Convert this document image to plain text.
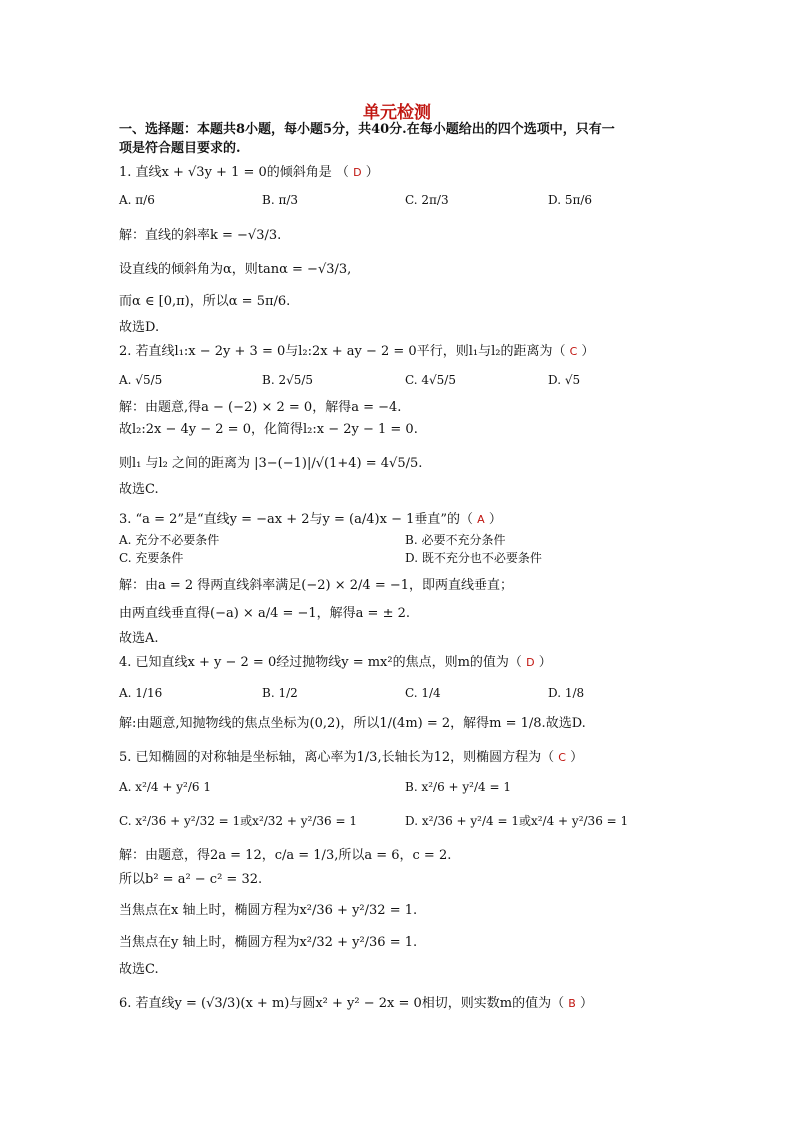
单元检测
一、选择题：本题共8小题，每小题5分，共40分.在每小题给出的四个选项中，只有一
项是符合题目要求的.
1. 直线x + √3y + 1 = 0的倾斜角是 （ D ）
A. π/6	B. π/3	C. 2π/3	D. 5π/6
解：直线的斜率k = −√3/3.
设直线的倾斜角为α，则tanα = −√3/3,
而α ∈ [0,π)，所以α = 5π/6.
故选D.
2. 若直线l₁:x − 2y + 3 = 0与l₂:2x + ay − 2 = 0平行，则l₁与l₂的距离为（ C ）
A. √5/5	B. 2√5/5	C. 4√5/5	D. √5
解：由题意,得a − (−2) × 2 = 0，解得a = −4.
故l₂:2x − 4y − 2 = 0，化简得l₂:x − 2y − 1 = 0.
则l₁ 与l₂ 之间的距离为 |3−(−1)|/√(1+4) = 4√5/5.
故选C.
3. “a = 2”是“直线y = −ax + 2与y = (a/4)x − 1垂直”的（ A ）
A. 充分不必要条件	B. 必要不充分条件
C. 充要条件	D. 既不充分也不必要条件
解：由a = 2 得两直线斜率满足(−2) × 2/4 = −1，即两直线垂直；
由两直线垂直得(−a) × a/4 = −1，解得a = ± 2.
故选A.
4. 已知直线x + y − 2 = 0经过抛物线y = mx²的焦点，则m的值为（ D ）
A. 1/16	B. 1/2	C. 1/4	D. 1/8
解:由题意,知抛物线的焦点坐标为(0,2)，所以1/(4m) = 2，解得m = 1/8.故选D.
5. 已知椭圆的对称轴是坐标轴，离心率为1/3,长轴长为12，则椭圆方程为（ C ）
A. x²/4 + y²/6 1	B. x²/6 + y²/4 = 1
C. x²/36 + y²/32 = 1或x²/32 + y²/36 = 1	D. x²/36 + y²/4 = 1或x²/4 + y²/36 = 1
解：由题意，得2a = 12，c/a = 1/3,所以a = 6，c = 2.
所以b² = a² − c² = 32.
当焦点在x 轴上时，椭圆方程为x²/36 + y²/32 = 1.
当焦点在y 轴上时，椭圆方程为x²/32 + y²/36 = 1.
故选C.
6. 若直线y = (√3/3)(x + m)与圆x² + y² − 2x = 0相切，则实数m的值为（ B ）
